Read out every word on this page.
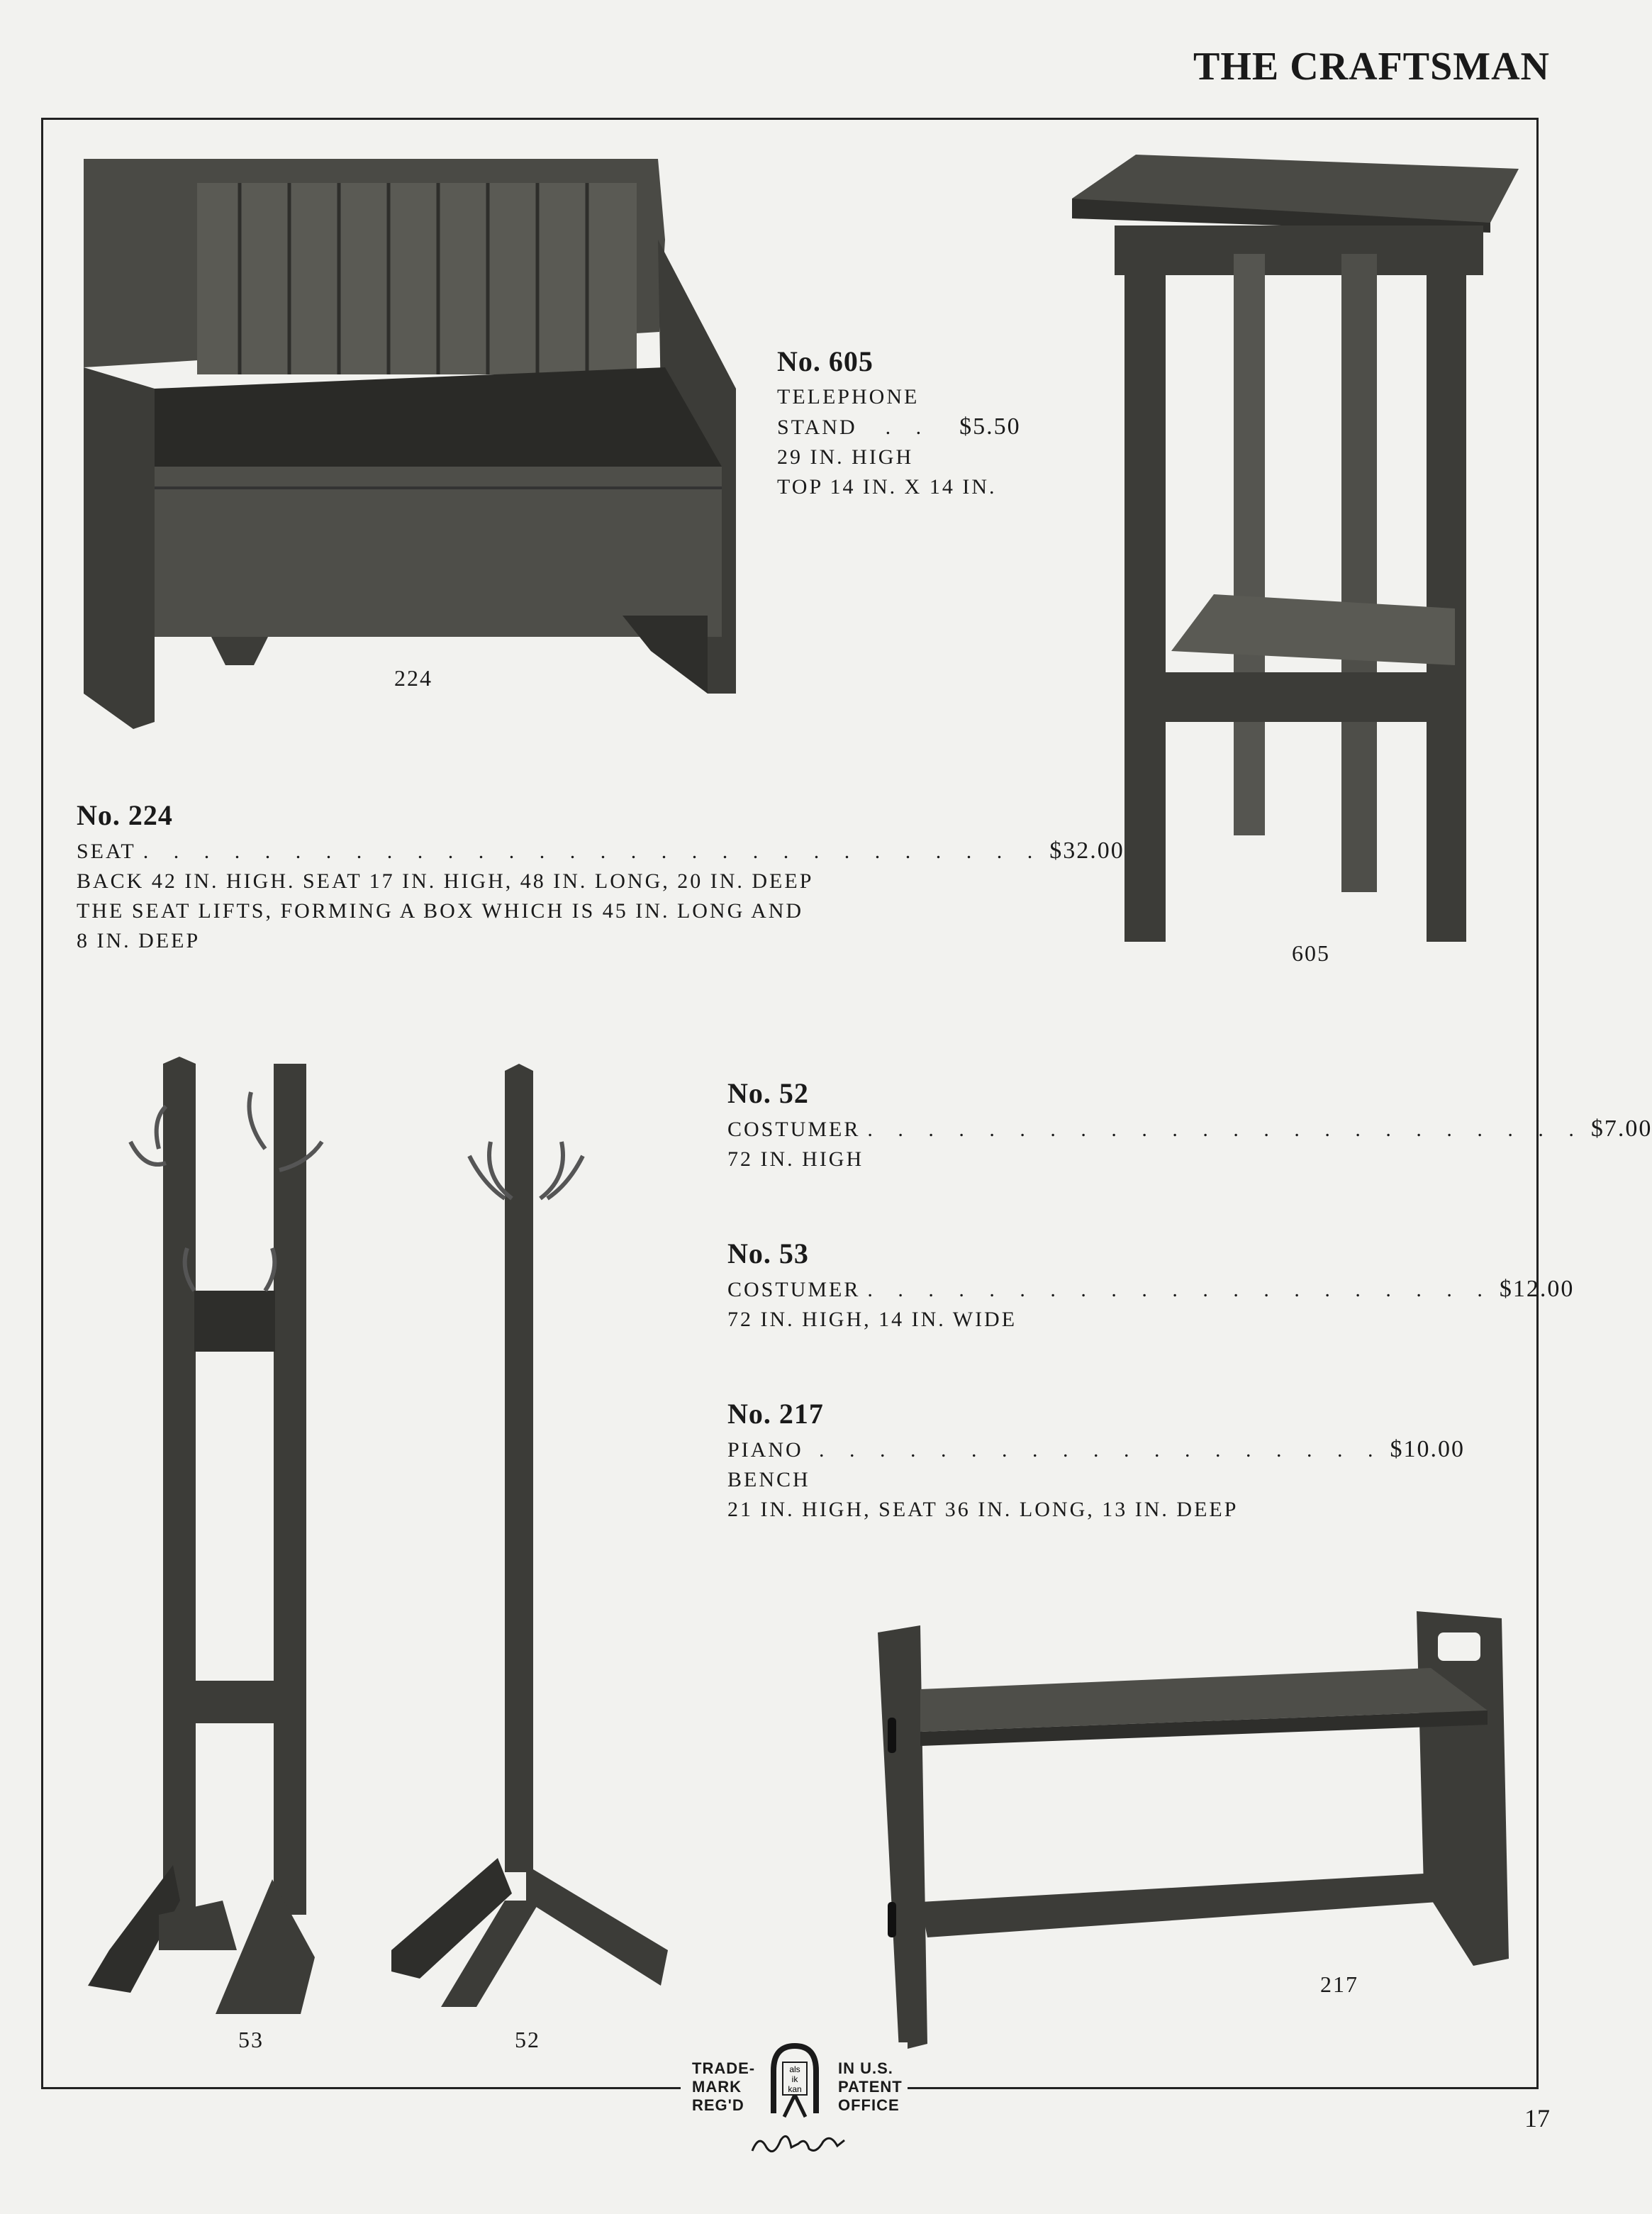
THE CRAFTSMAN
224
605
53	52
217
No. 605
TELEPHONE
STAND	. .	$5.50
29 IN. HIGH
TOP 14 IN. X 14 IN.
No. 224
SEAT . . . . . . . . . . . . . . . . . . . . . . . . . . . . . . $32.00
BACK 42 IN. HIGH. SEAT 17 IN. HIGH, 48 IN. LONG, 20 IN. DEEP
THE SEAT LIFTS, FORMING A BOX WHICH IS 45 IN. LONG AND
8 IN. DEEP
No. 52
COSTUMER . . . . . . . . . . . . . . . . . . . . . . . . $7.00
72 IN. HIGH
No. 53
COSTUMER . . . . . . . . . . . . . . . . . . . . . $12.00
72 IN. HIGH, 14 IN. WIDE
No. 217
PIANO BENCH
. . . . . . . . . . . . . . . . . . . $10.00
21 IN. HIGH, SEAT 36 IN. LONG, 13 IN. DEEP
TRADE-
MARK
REG'D
als
ik
kan
IN U.S.
PATENT
OFFICE	17
